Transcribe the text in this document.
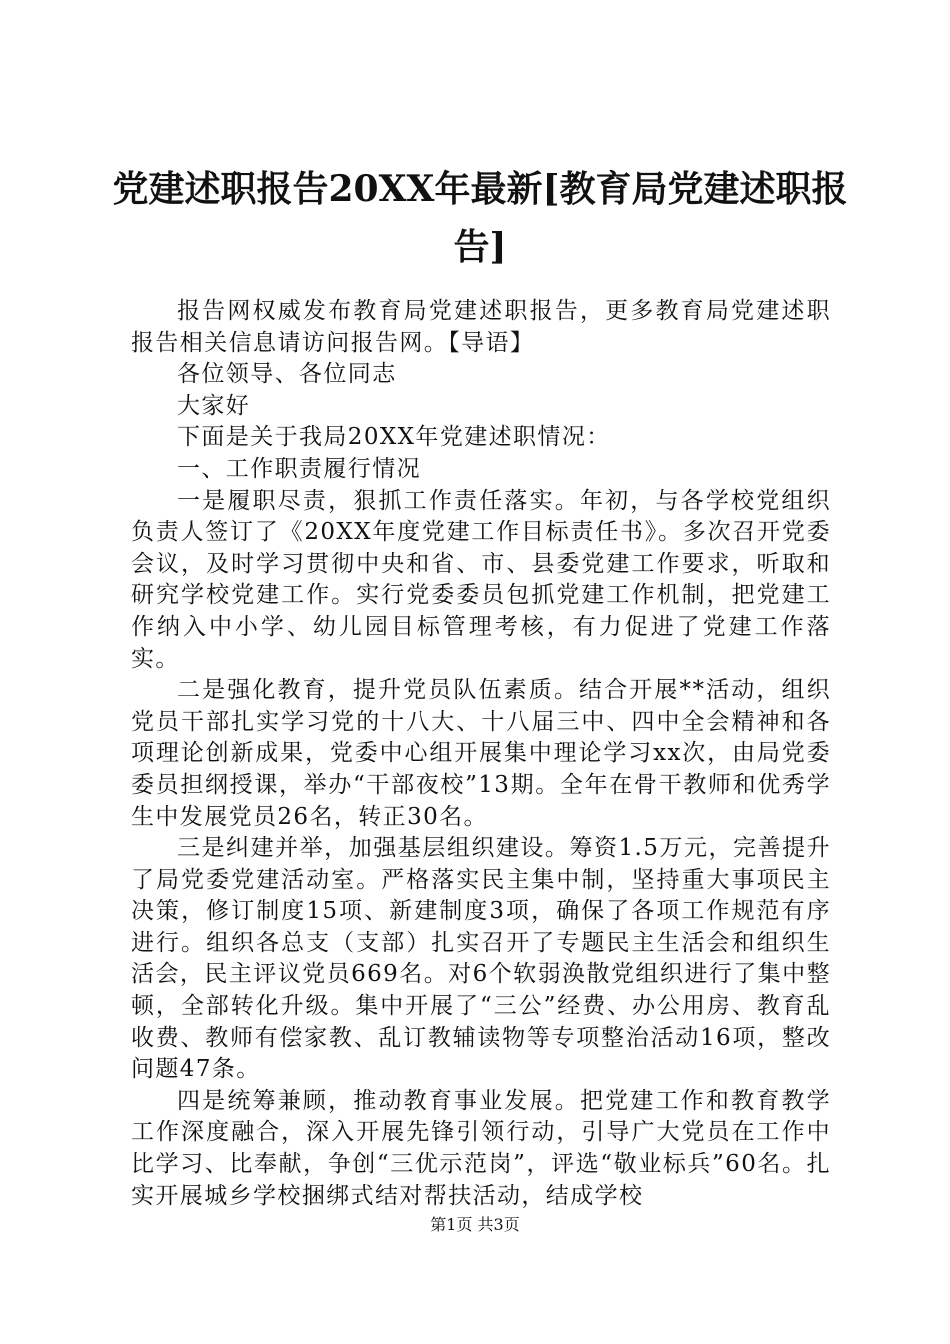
党建述职报告20XX年最新[教育局党建述职报告]

报告网权威发布教育局党建述职报告，更多教育局党建述职报告相关信息请访问报告网。【导语】

各位领导、各位同志

大家好

下面是关于我局20XX年党建述职情况：

一、工作职责履行情况

一是履职尽责，狠抓工作责任落实。年初，与各学校党组织负责人签订了《20XX年度党建工作目标责任书》。多次召开党委会议，及时学习贯彻中央和省、市、县委党建工作要求，听取和研究学校党建工作。实行党委委员包抓党建工作机制，把党建工作纳入中小学、幼儿园目标管理考核，有力促进了党建工作落实。

二是强化教育，提升党员队伍素质。结合开展**活动，组织党员干部扎实学习党的十八大、十八届三中、四中全会精神和各项理论创新成果，党委中心组开展集中理论学习xx次，由局党委委员担纲授课，举办“干部夜校”13期。全年在骨干教师和优秀学生中发展党员26名，转正30名。

三是纠建并举，加强基层组织建设。筹资1.5万元，完善提升了局党委党建活动室。严格落实民主集中制，坚持重大事项民主决策，修订制度15项、新建制度3项，确保了各项工作规范有序进行。组织各总支（支部）扎实召开了专题民主生活会和组织生活会，民主评议党员669名。对6个软弱涣散党组织进行了集中整顿，全部转化升级。集中开展了“三公”经费、办公用房、教育乱收费、教师有偿家教、乱订教辅读物等专项整治活动16项，整改问题47条。

四是统筹兼顾，推动教育事业发展。把党建工作和教育教学工作深度融合，深入开展先锋引领行动，引导广大党员在工作中比学习、比奉献，争创“三优示范岗”，评选“敬业标兵”60名。扎实开展城乡学校捆绑式结对帮扶活动，结成学校

第1页 共3页
